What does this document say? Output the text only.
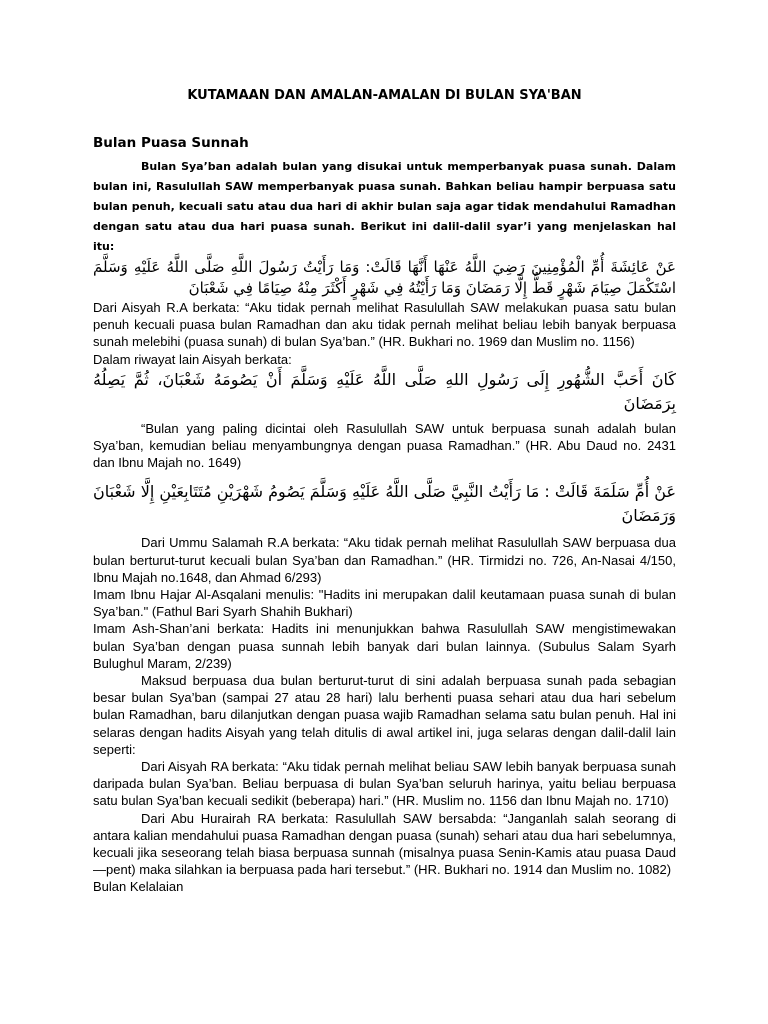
KUTAMAAN DAN AMALAN-AMALAN DI BULAN SYA'BAN
Bulan Puasa Sunnah

Bulan Sya’ban adalah bulan yang disukai untuk memperbanyak puasa sunah. Dalam bulan ini, Rasulullah SAW memperbanyak puasa sunah. Bahkan beliau hampir berpuasa satu bulan penuh, kecuali satu atau dua hari di akhir bulan saja agar tidak mendahului Ramadhan dengan satu atau dua hari puasa sunah. Berikut ini dalil-dalil syar’i yang menjelaskan hal itu:

عَنْ عَائِشَةَ أُمِّ الْمُؤْمِنِينَ رَضِيَ اللَّهُ عَنْهَا أَنَّهَا قَالَتْ: وَمَا رَأَيْتُ رَسُولَ اللَّهِ صَلَّى اللَّهُ عَلَيْهِ وَسَلَّمَ اسْتَكْمَلَ صِيَامَ شَهْرٍ قَطُّ إِلَّا رَمَضَانَ وَمَا رَأَيْتُهُ فِي شَهْرٍ أَكْثَرَ مِنْهُ صِيَامًا فِي شَعْبَانَ

Dari Aisyah R.A berkata: “Aku tidak pernah melihat Rasulullah SAW melakukan puasa satu bulan penuh kecuali puasa bulan Ramadhan dan aku tidak pernah melihat beliau lebih banyak berpuasa sunah melebihi (puasa sunah) di bulan Sya’ban.” (HR. Bukhari no. 1969 dan Muslim no. 1156)

Dalam riwayat lain Aisyah berkata:

كَانَ أَحَبَّ الشُّهُورِ إِلَى رَسُولِ اللهِ صَلَّى اللَّهُ عَلَيْهِ وَسَلَّمَ أَنْ يَصُومَهُ شَعْبَانَ، ثُمَّ يَصِلُهُ بِرَمَضَانَ

“Bulan yang paling dicintai oleh Rasulullah SAW untuk berpuasa sunah adalah bulan Sya’ban, kemudian beliau menyambungnya dengan puasa Ramadhan.” (HR. Abu Daud no. 2431 dan Ibnu Majah no. 1649)

عَنْ أُمِّ سَلَمَةَ قَالَتْ : مَا رَأَيْتُ النَّبِيَّ صَلَّى اللَّهُ عَلَيْهِ وَسَلَّمَ يَصُومُ شَهْرَيْنِ مُتَتَابِعَيْنِ إِلَّا شَعْبَانَ وَرَمَضَانَ

Dari Ummu Salamah R.A berkata: “Aku tidak pernah melihat Rasulullah SAW berpuasa dua bulan berturut-turut kecuali bulan Sya’ban dan Ramadhan.” (HR. Tirmidzi no. 726, An-Nasai 4/150, Ibnu Majah no.1648, dan Ahmad 6/293)

Imam Ibnu Hajar Al-Asqalani menulis: "Hadits ini merupakan dalil keutamaan puasa sunah di bulan Sya’ban." (Fathul Bari Syarh Shahih Bukhari)

Imam Ash-Shan’ani berkata: Hadits ini menunjukkan bahwa Rasulullah SAW mengistimewakan bulan Sya’ban dengan puasa sunnah lebih banyak dari bulan lainnya. (Subulus Salam Syarh Bulughul Maram, 2/239)

Maksud berpuasa dua bulan berturut-turut di sini adalah berpuasa sunah pada sebagian besar bulan Sya’ban (sampai 27 atau 28 hari) lalu berhenti puasa sehari atau dua hari sebelum bulan Ramadhan, baru dilanjutkan dengan puasa wajib Ramadhan selama satu bulan penuh. Hal ini selaras dengan hadits Aisyah yang telah ditulis di awal artikel ini, juga selaras dengan dalil-dalil lain seperti:

Dari Aisyah RA berkata: “Aku tidak pernah melihat beliau SAW lebih banyak berpuasa sunah daripada bulan Sya’ban. Beliau berpuasa di bulan Sya’ban seluruh harinya, yaitu beliau berpuasa satu bulan Sya’ban kecuali sedikit (beberapa) hari.” (HR. Muslim no. 1156 dan Ibnu Majah no. 1710)

Dari Abu Hurairah RA berkata: Rasulullah SAW bersabda: “Janganlah salah seorang di antara kalian mendahului puasa Ramadhan dengan puasa (sunah) sehari atau dua hari sebelumnya, kecuali jika seseorang telah biasa berpuasa sunnah (misalnya puasa Senin-Kamis atau puasa Daud—pent) maka silahkan ia berpuasa pada hari tersebut.” (HR. Bukhari no. 1914 dan Muslim no. 1082)

Bulan Kelalaian
